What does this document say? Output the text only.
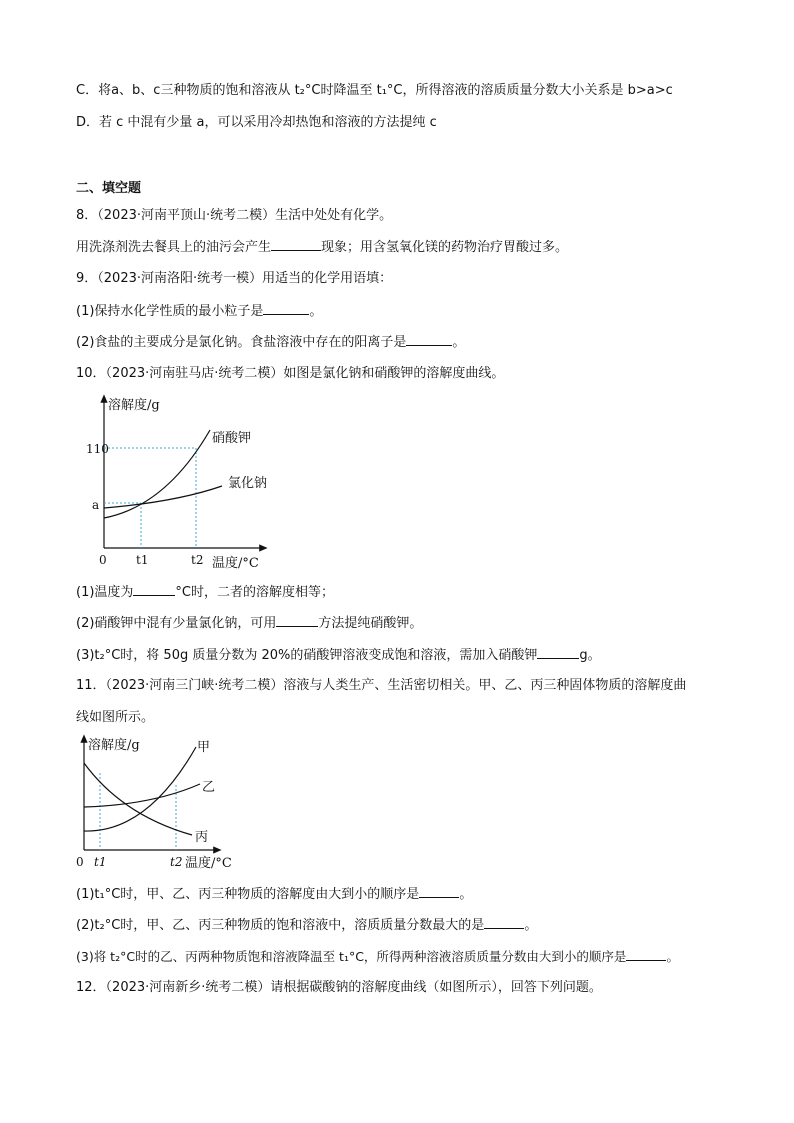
C．将a、b、c三种物质的饱和溶液从 t₂°C时降温至 t₁°C，所得溶液的溶质质量分数大小关系是 b>a>c
D．若 c 中混有少量 a，可以采用冷却热饱和溶液的方法提纯 c
二、填空题
8．（2023·河南平顶山·统考二模）生活中处处有化学。
用洗涤剂洗去餐具上的油污会产生	现象；用含氢氧化镁的药物治疗胃酸过多。
9．（2023·河南洛阳·统考一模）用适当的化学用语填：
(1)保持水化学性质的最小粒子是	。
(2)食盐的主要成分是氯化钠。食盐溶液中存在的阳离子是	。
10．（2023·河南驻马店·统考二模）如图是氯化钠和硝酸钾的溶解度曲线。
溶解度/g
110
a
0 t1	t2 温度/°C
硝酸钾
氯化钠
(1)温度为	°C时，二者的溶解度相等；
(2)硝酸钾中混有少量氯化钠，可用	方法提纯硝酸钾。
(3)t₂°C时，将 50g 质量分数为 20%的硝酸钾溶液变成饱和溶液，需加入硝酸钾	g。
11．（2023·河南三门峡·统考二模）溶液与人类生产、生活密切相关。甲、乙、丙三种固体物质的溶解度曲
线如图所示。
溶解度/g
0 t1	t2 温度/°C
甲
乙
丙
(1)t₁°C时，甲、乙、丙三种物质的溶解度由大到小的顺序是	。
(2)t₂°C时，甲、乙、丙三种物质的饱和溶液中，溶质质量分数最大的是	。
(3)将 t₂°C时的乙、丙两种物质饱和溶液降温至 t₁°C，所得两种溶液溶质质量分数由大到小的顺序是	。
12．（2023·河南新乡·统考二模）请根据碳酸钠的溶解度曲线（如图所示），回答下列问题。
